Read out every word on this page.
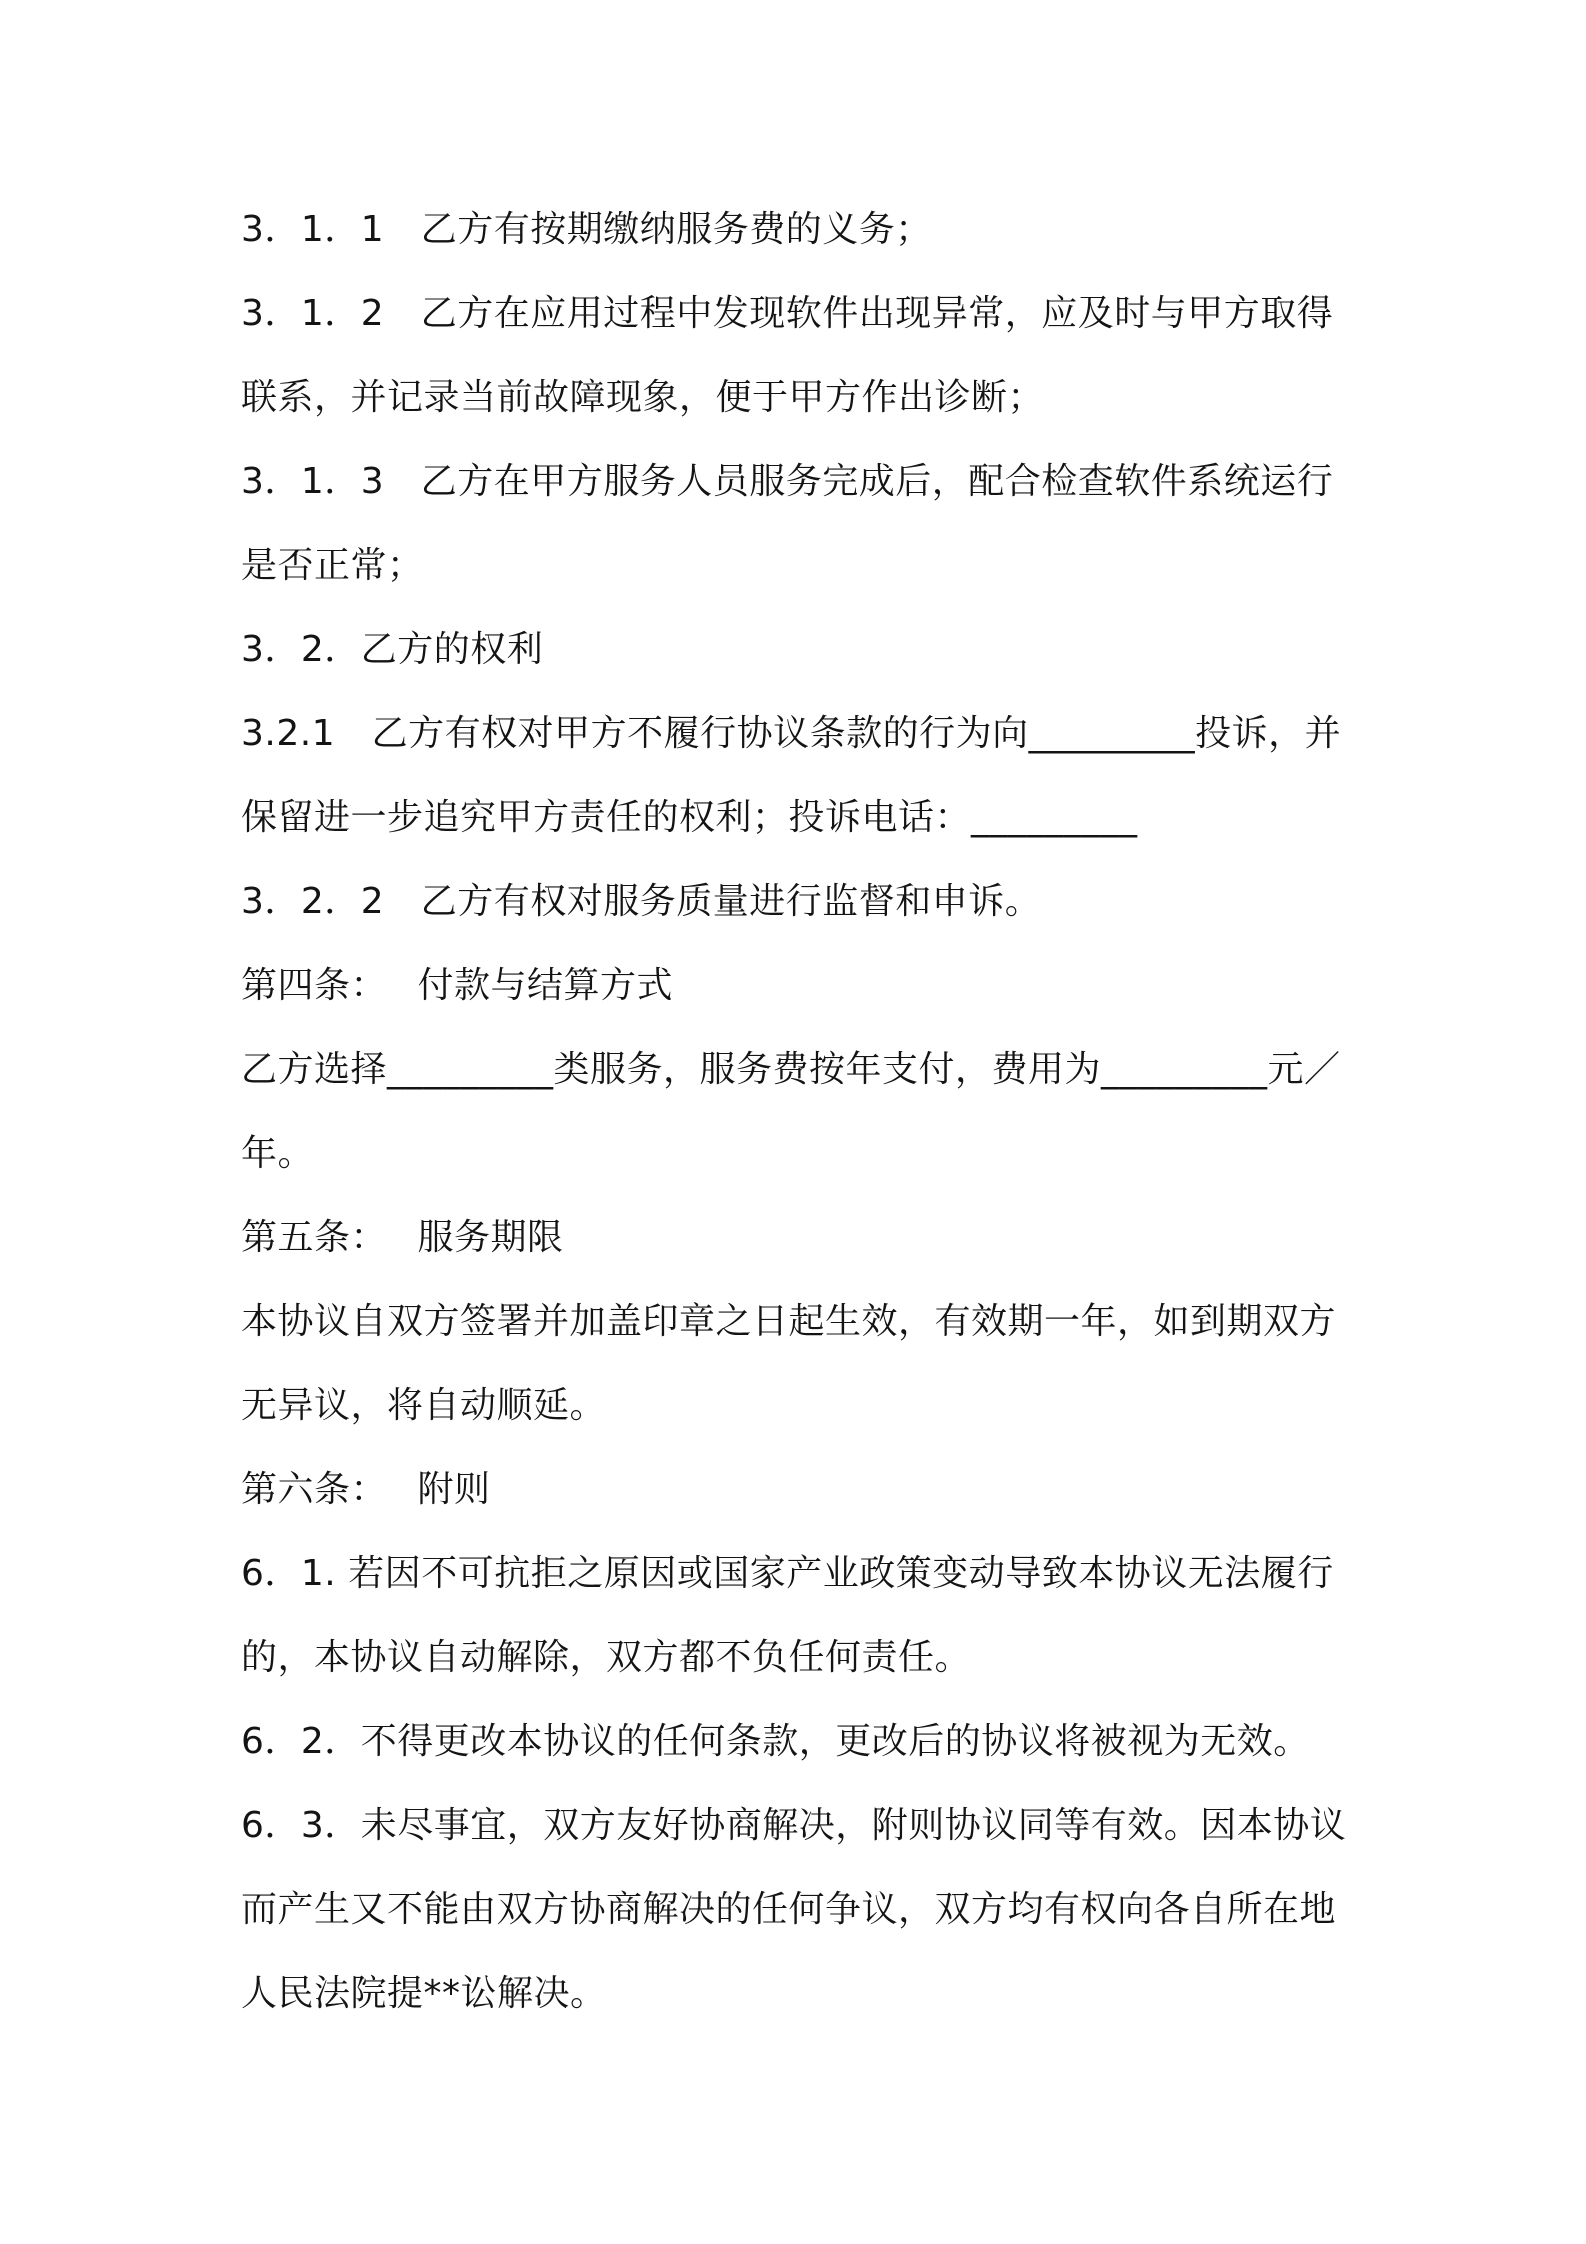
3．1．1　乙方有按期缴纳服务费的义务；

3．1．2　乙方在应用过程中发现软件出现异常，应及时与甲方取得联系，并记录当前故障现象，便于甲方作出诊断；

3．1．3　乙方在甲方服务人员服务完成后，配合检查软件系统运行是否正常；

3．2．乙方的权利

3.2.1　乙方有权对甲方不履行协议条款的行为向_________投诉，并保留进一步追究甲方责任的权利；投诉电话：_________

3．2．2　乙方有权对服务质量进行监督和申诉。

第四条：　 付款与结算方式

乙方选择_________类服务，服务费按年支付，费用为_________元／年。

第五条：　 服务期限

本协议自双方签署并加盖印章之日起生效，有效期一年，如到期双方无异议，将自动顺延。

第六条：　 附则

6．1. 若因不可抗拒之原因或国家产业政策变动导致本协议无法履行的，本协议自动解除，双方都不负任何责任。

6．2．不得更改本协议的任何条款，更改后的协议将被视为无效。

6．3．未尽事宜，双方友好协商解决，附则协议同等有效。因本协议而产生又不能由双方协商解决的任何争议，双方均有权向各自所在地人民法院提**讼解决。
